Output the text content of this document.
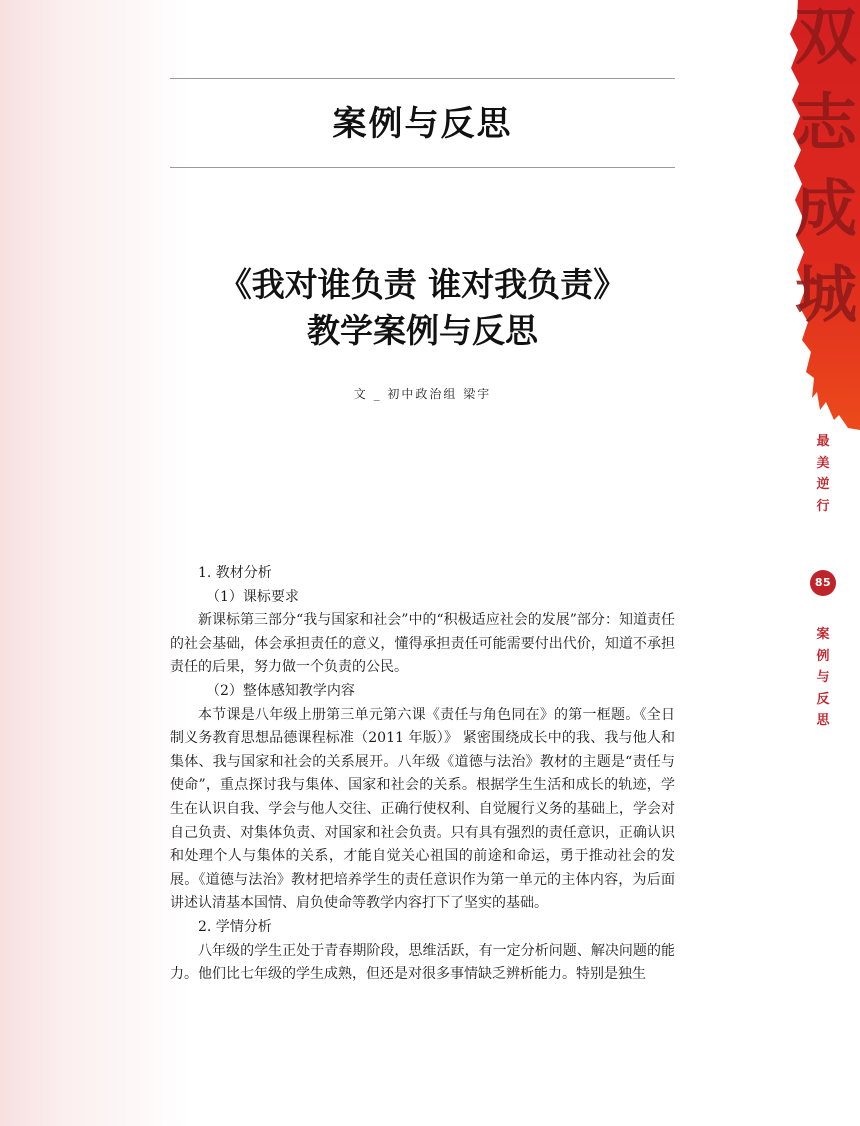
案例与反思
《我对谁负责 谁对我负责》
教学案例与反思
文 _ 初中政治组 梁宇

1. 教材分析

（1）课标要求

新课标第三部分“我与国家和社会”中的“积极适应社会的发展”部分：知道责任的社会基础，体会承担责任的意义，懂得承担责任可能需要付出代价，知道不承担责任的后果，努力做一个负责的公民。

（2）整体感知教学内容

本节课是八年级上册第三单元第六课《责任与角色同在》的第一框题。《全日制义务教育思想品德课程标准（2011 年版）》 紧密围绕成长中的我、我与他人和集体、我与国家和社会的关系展开。八年级《道德与法治》教材的主题是“责任与使命”，重点探讨我与集体、国家和社会的关系。根据学生生活和成长的轨迹，学生在认识自我、学会与他人交往、正确行使权利、自觉履行义务的基础上，学会对自己负责、对集体负责、对国家和社会负责。只有具有强烈的责任意识，正确认识和处理个人与集体的关系，才能自觉关心祖国的前途和命运，勇于推动社会的发展。《道德与法治》教材把培养学生的责任意识作为第一单元的主体内容，为后面讲述认清基本国情、肩负使命等教学内容打下了坚实的基础。

2. 学情分析

八年级的学生正处于青春期阶段，思维活跃，有一定分析问题、解决问题的能力。他们比七年级的学生成熟，但还是对很多事情缺乏辨析能力。特别是独生

双
志
成
城
最
美
逆
行
85
案
例
与
反
思
